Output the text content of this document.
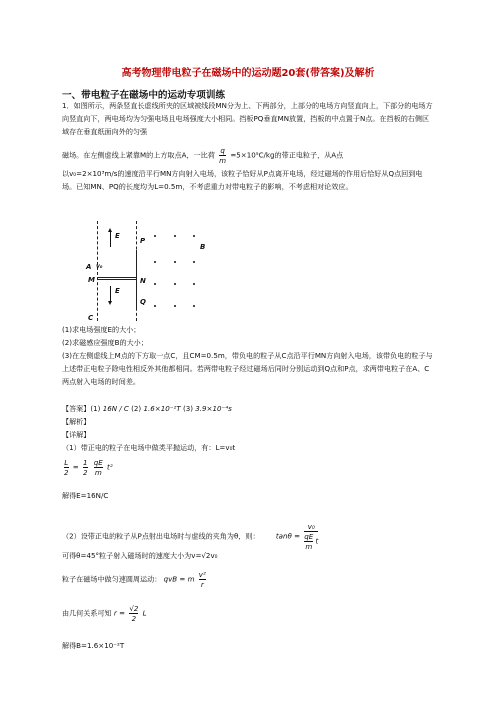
高考物理带电粒子在磁场中的运动题20套(带答案)及解析
一、带电粒子在磁场中的运动专项训练
1．如图所示，两条竖直长虚线所夹的区域被线段MN分为上、下两部分，上部分的电场方向竖直向上，下部分的电场方向竖直向下，两电场均为匀强电场且电场强度大小相同。挡板PQ垂直MN放置，挡板的中点置于N点。在挡板的右侧区域存在垂直纸面向外的匀强
磁场。在左侧虚线上紧靠M的上方取点A，一比荷 $\frac{q}{m} =5\times 10^5C/kg$的带正电粒子，从A点
以v₀=2×10³m/s的速度沿平行MN方向射入电场，该粒子恰好从P点离开电场，经过磁场的作用后恰好从Q点回到电场。已知MN、PQ的长度均为L=0.5m，不考虑重力对带电粒子的影响，不考虑相对论效应。
E
E
P
A v₀
M	N
Q
C
B
(1)求电场强度E的大小；
(2)求磁感应强度B的大小；
(3)在左侧虚线上M点的下方取一点C，且CM=0.5m，带负电的粒子从C点沿平行MN方向射入电场，该带负电的粒子与上述带正电粒子除电性相反外其他都相同。若两带电粒子经过磁场后同时分别运动到Q点和P点，求两带电粒子在A、C两点射入电场的时间差。
【答案】(1) 16N / C (2) 1.6×10⁻²T (3) 3.9×10⁻⁴s
【解析】
【详解】
（1）带正电的粒子在电场中做类平抛运动，有：L=v₀t
$\frac{L}{2} = \frac{1}{2}$
$\frac{qE}{m} t^2$
解得E=16N/C
（2）设带正电的粒子从P点射出电场时与虚线的夹角为θ，则： $\tan\theta = \frac{\text{v₀}}{\frac{qE}{m} t}$
可得θ=45°粒子射入磁场时的速度大小为v=√2v₀
粒子在磁场中做匀速圆周运动： qvB = m $\frac{\text{v²}}{r}$
由几何关系可知 $r = \frac{√2}{2}$ L
解得B=1.6×10⁻²T
